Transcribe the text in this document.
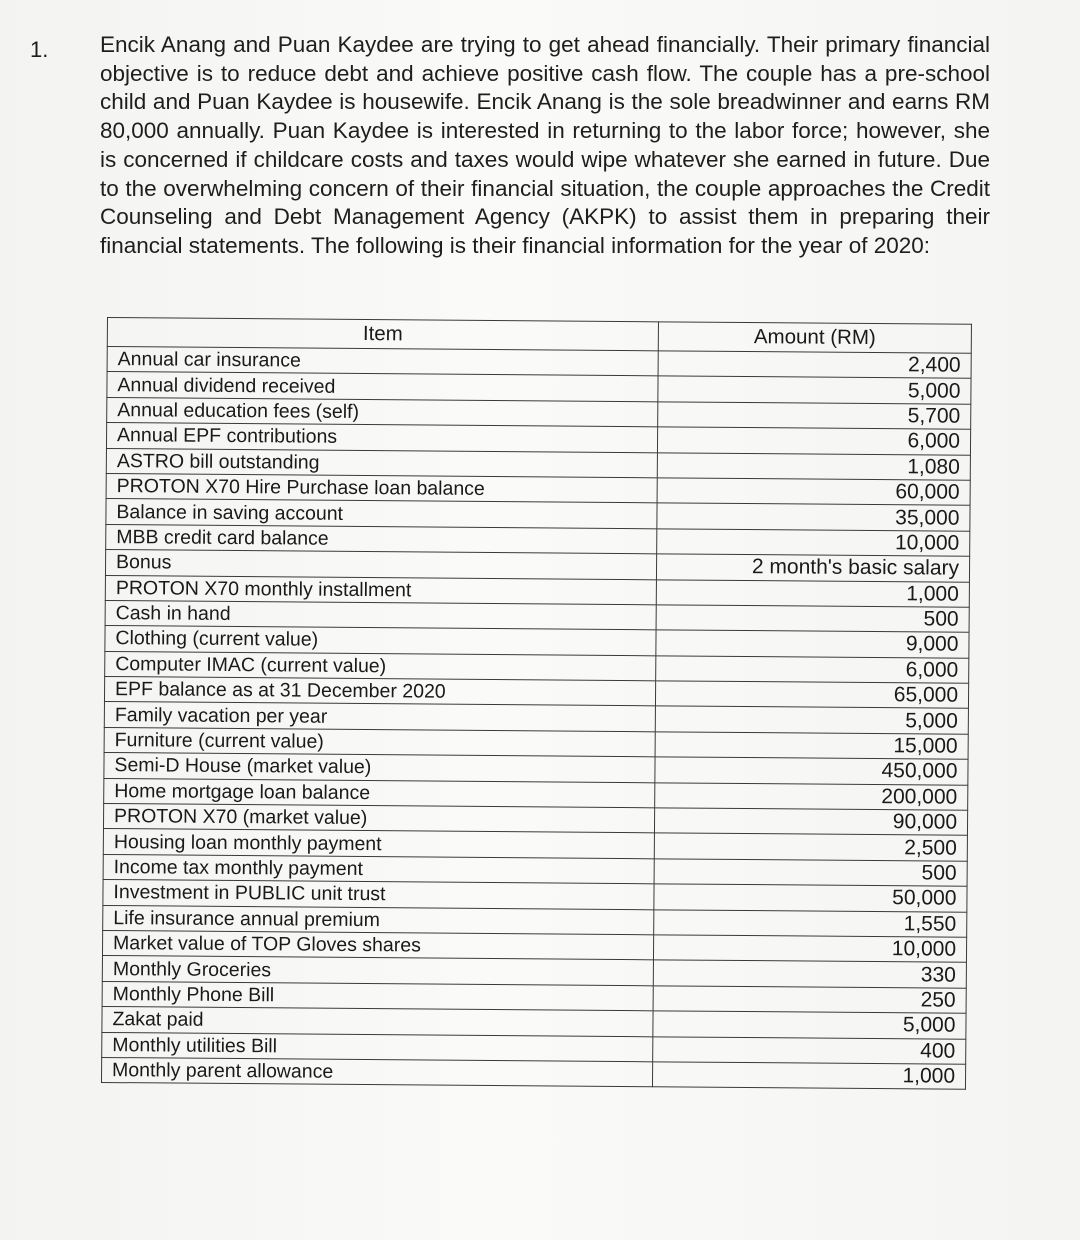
1. Encik Anang and Puan Kaydee are trying to get ahead financially. Their primary financial objective is to reduce debt and achieve positive cash flow. The couple has a pre-school child and Puan Kaydee is housewife. Encik Anang is the sole breadwinner and earns RM 80,000 annually. Puan Kaydee is interested in returning to the labor force; however, she is concerned if childcare costs and taxes would wipe whatever she earned in future. Due to the overwhelming concern of their financial situation, the couple approaches the Credit Counseling and Debt Management Agency (AKPK) to assist them in preparing their financial statements. The following is their financial information for the year of 2020:

Item	Amount (RM)
Annual car insurance	2,400
Annual dividend received	5,000
Annual education fees (self)	5,700
Annual EPF contributions	6,000
ASTRO bill outstanding	1,080
PROTON X70 Hire Purchase loan balance	60,000
Balance in saving account	35,000
MBB credit card balance	10,000
Bonus	2 month's basic salary
PROTON X70 monthly installment	1,000
Cash in hand	500
Clothing (current value)	9,000
Computer IMAC (current value)	6,000
EPF balance as at 31 December 2020	65,000
Family vacation per year	5,000
Furniture (current value)	15,000
Semi-D House (market value)	450,000
Home mortgage loan balance	200,000
PROTON X70 (market value)	90,000
Housing loan monthly payment	2,500
Income tax monthly payment	500
Investment in PUBLIC unit trust	50,000
Life insurance annual premium	1,550
Market value of TOP Gloves shares	10,000
Monthly Groceries	330
Monthly Phone Bill	250
Zakat paid	5,000
Monthly utilities Bill	400
Monthly parent allowance	1,000
